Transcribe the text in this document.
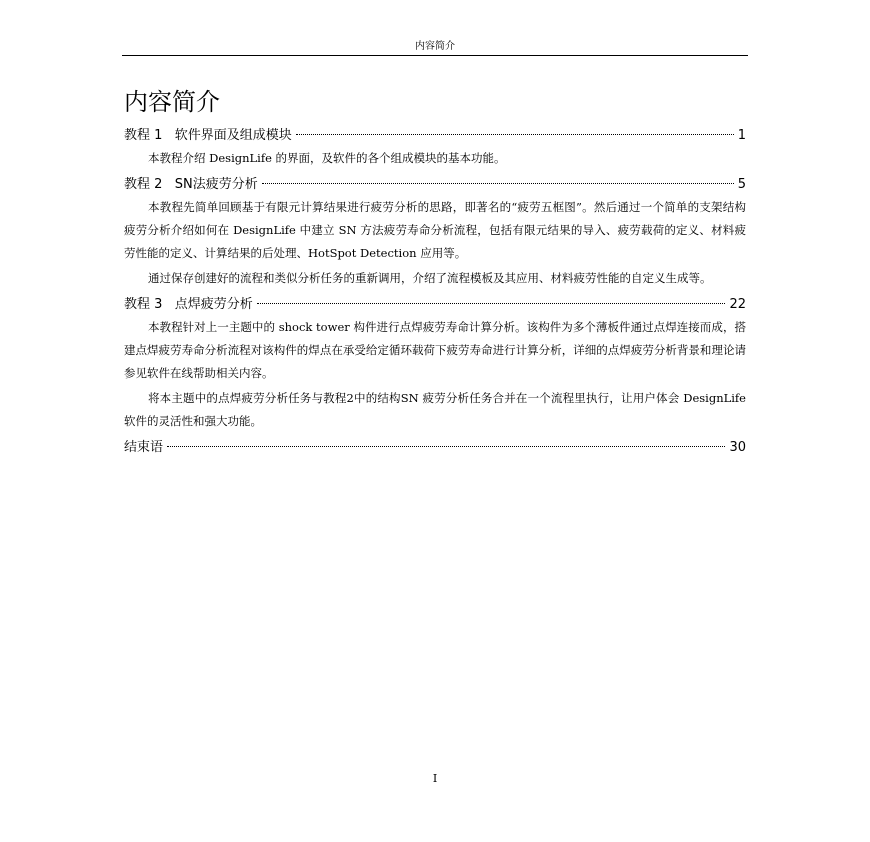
内容简介
内容简介
教程 1   软件界面及组成模块	1

本教程介绍 DesignLife 的界面，及软件的各个组成模块的基本功能。

教程 2   SN法疲劳分析	5

本教程先简单回顾基于有限元计算结果进行疲劳分析的思路，即著名的“疲劳五框图”。然后通过一个简单的支架结构疲劳分析介绍如何在 DesignLife 中建立 SN 方法疲劳寿命分析流程，包括有限元结果的导入、疲劳载荷的定义、材料疲劳性能的定义、计算结果的后处理、HotSpot Detection 应用等。

通过保存创建好的流程和类似分析任务的重新调用，介绍了流程模板及其应用、材料疲劳性能的自定义生成等。

教程 3   点焊疲劳分析	22

本教程针对上一主题中的 shock tower 构件进行点焊疲劳寿命计算分析。该构件为多个薄板件通过点焊连接而成，搭建点焊疲劳寿命分析流程对该构件的焊点在承受给定循环载荷下疲劳寿命进行计算分析，详细的点焊疲劳分析背景和理论请参见软件在线帮助相关内容。

将本主题中的点焊疲劳分析任务与教程2中的结构SN 疲劳分析任务合并在一个流程里执行，让用户体会 DesignLife 软件的灵活性和强大功能。

结束语	30
I
